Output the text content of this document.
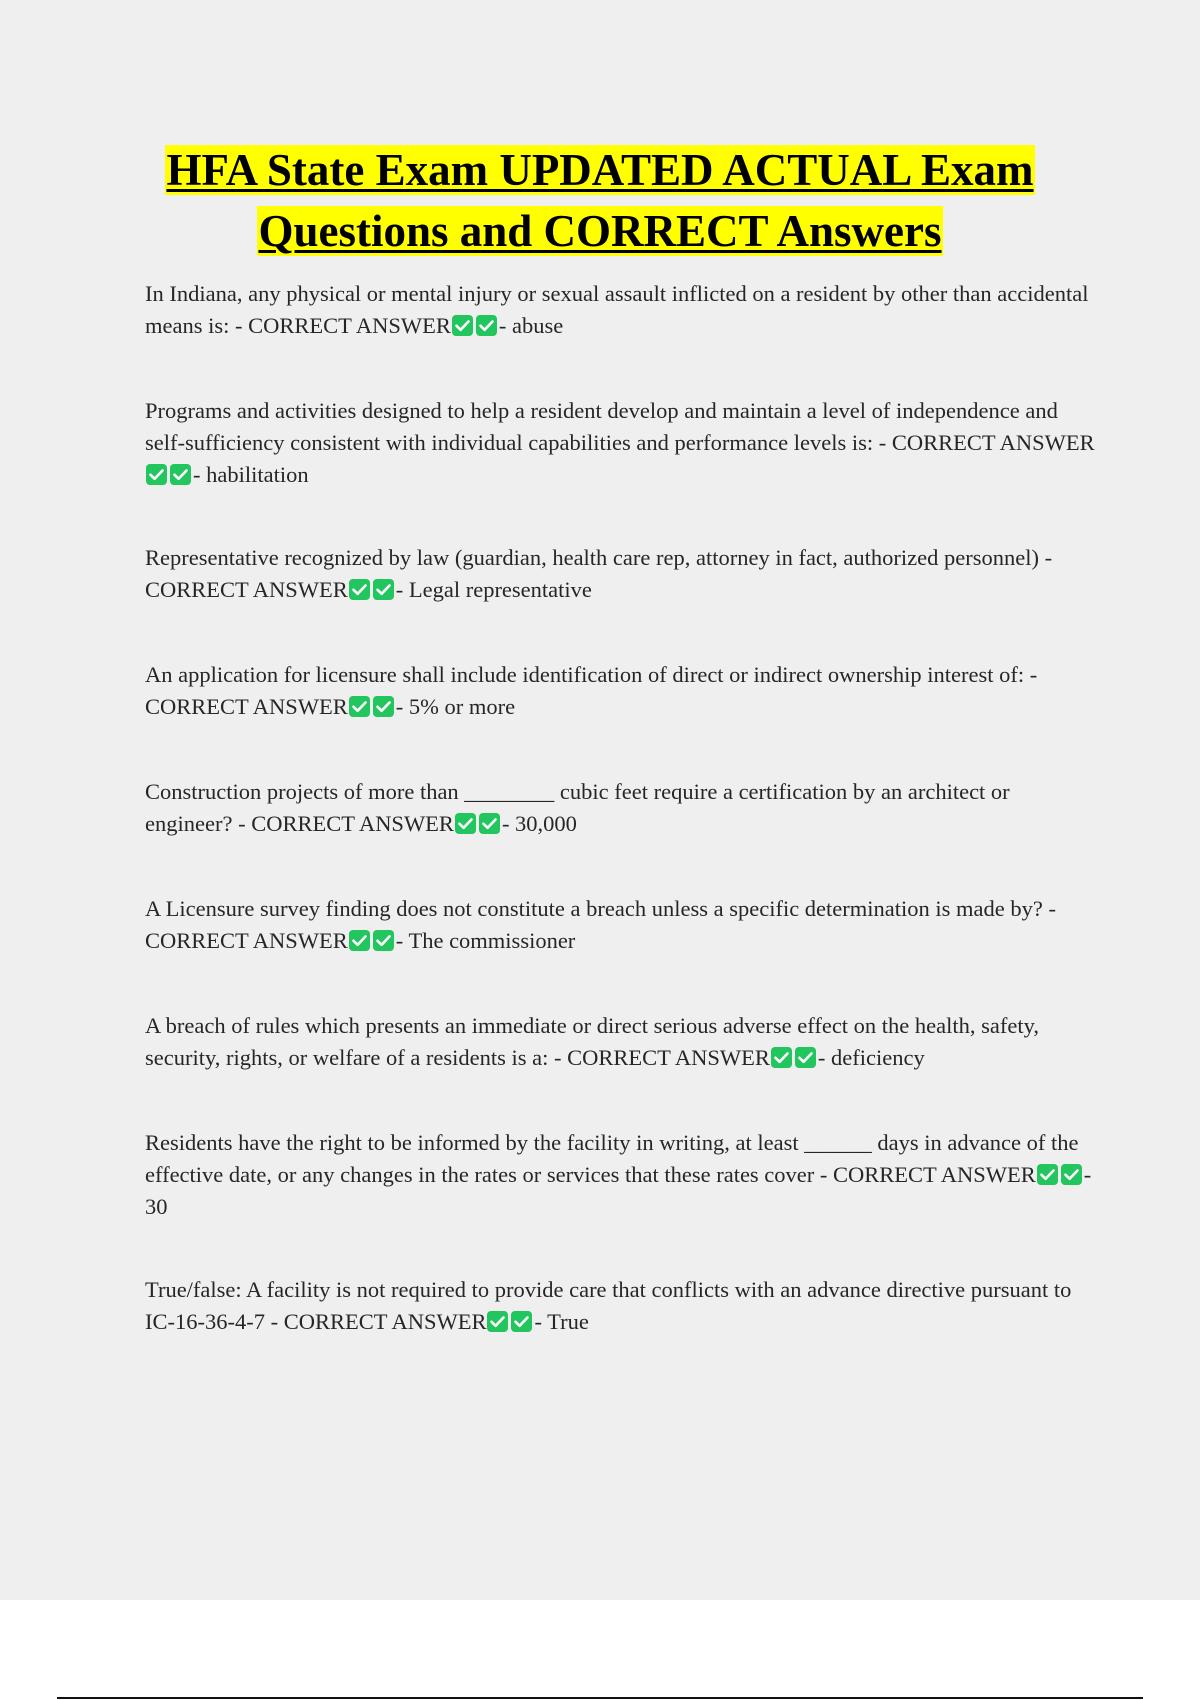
HFA State Exam UPDATED ACTUAL Exam
Questions and CORRECT Answers
In Indiana, any physical or mental injury or sexual assault inflicted on a resident by other than accidental means is: - CORRECT ANSWER - abuse
Programs and activities designed to help a resident develop and maintain a level of independence and self-sufficiency consistent with individual capabilities and performance levels is: - CORRECT ANSWER
- habilitation
Representative recognized by law (guardian, health care rep, attorney in fact, authorized personnel) - CORRECT ANSWER - Legal representative
An application for licensure shall include identification of direct or indirect ownership interest of: - CORRECT ANSWER - 5% or more
Construction projects of more than ________ cubic feet require a certification by an architect or engineer? - CORRECT ANSWER - 30,000
A Licensure survey finding does not constitute a breach unless a specific determination is made by? - CORRECT ANSWER - The commissioner
A breach of rules which presents an immediate or direct serious adverse effect on the health, safety, security, rights, or welfare of a residents is a: - CORRECT ANSWER - deficiency
Residents have the right to be informed by the facility in writing, at least ______ days in advance of the effective date, or any changes in the rates or services that these rates cover - CORRECT ANSWER - 30
True/false: A facility is not required to provide care that conflicts with an advance directive pursuant to IC-16-36-4-7 - CORRECT ANSWER - True
